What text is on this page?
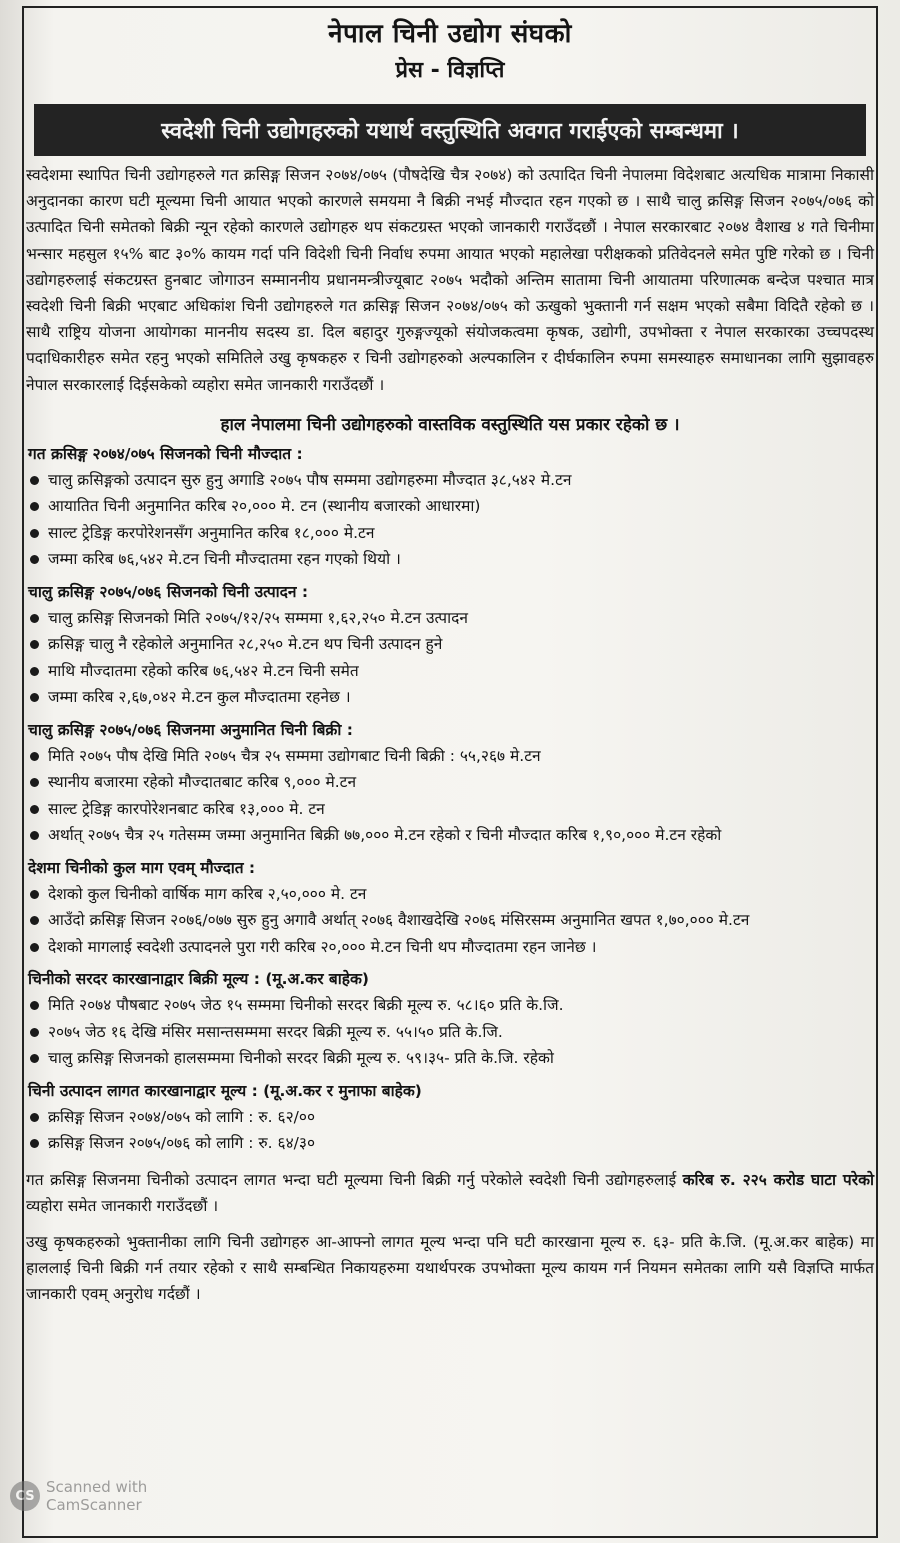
नेपाल चिनी उद्योग संघको
प्रेस - विज्ञप्ति
स्वदेशी चिनी उद्योगहरुको यथार्थ वस्तुस्थिति अवगत गराईएको सम्बन्धमा ।

स्वदेशमा स्थापित चिनी उद्योगहरुले गत क्रसिङ्ग सिजन २०७४/०७५ (पौषदेखि चैत्र २०७४) को उत्पादित चिनी नेपालमा विदेशबाट अत्यधिक मात्रामा निकासी अनुदानका कारण घटी मूल्यमा चिनी आयात भएको कारणले समयमा नै बिक्री नभई मौज्दात रहन गएको छ । साथै चालु क्रसिङ्ग सिजन २०७५/०७६ को उत्पादित चिनी समेतको बिक्री न्यून रहेको कारणले उद्योगहरु थप संकटग्रस्त भएको जानकारी गराउँदछौं । नेपाल सरकारबाट २०७४ वैशाख ४ गते चिनीमा भन्सार महसुल १५% बाट ३०% कायम गर्दा पनि विदेशी चिनी निर्वाध रुपमा आयात भएको महालेखा परीक्षकको प्रतिवेदनले समेत पुष्टि गरेको छ । चिनी उद्योगहरुलाई संकटग्रस्त हुनबाट जोगाउन सम्माननीय प्रधानमन्त्रीज्यूबाट २०७५ भदौको अन्तिम सातामा चिनी आयातमा परिणात्मक बन्देज पश्चात मात्र स्वदेशी चिनी बिक्री भएबाट अधिकांश चिनी उद्योगहरुले गत क्रसिङ्ग सिजन २०७४/०७५ को ऊखुको भुक्तानी गर्न सक्षम भएको सबैमा विदितै रहेको छ । साथै राष्ट्रिय योजना आयोगका माननीय सदस्य डा. दिल बहादुर गुरुङ्गज्यूको संयोजकत्वमा कृषक, उद्योगी, उपभोक्ता र नेपाल सरकारका उच्चपदस्थ पदाधिकारीहरु समेत रहनु भएको समितिले उखु कृषकहरु र चिनी उद्योगहरुको अल्पकालिन र दीर्घकालिन रुपमा समस्याहरु समाधानका लागि सुझावहरु नेपाल सरकारलाई दिईसकेको व्यहोरा समेत जानकारी गराउँदछौं ।

हाल नेपालमा चिनी उद्योगहरुको वास्तविक वस्तुस्थिति यस प्रकार रहेको छ ।
गत क्रसिङ्ग २०७४/०७५ सिजनको चिनी मौज्दात :
चालु क्रसिङ्गको उत्पादन सुरु हुनु अगाडि २०७५ पौष सम्ममा उद्योगहरुमा मौज्दात ३८,५४२ मे.टन
आयातित चिनी अनुमानित करिब २०,००० मे. टन (स्थानीय बजारको आधारमा)
साल्ट ट्रेडिङ्ग करपोरेशनसँग अनुमानित करिब १८,००० मे.टन
जम्मा करिब ७६,५४२ मे.टन चिनी मौज्दातमा रहन गएको थियो ।
चालु क्रसिङ्ग २०७५/०७६ सिजनको चिनी उत्पादन :
चालु क्रसिङ्ग सिजनको मिति २०७५/१२/२५ सम्ममा १,६२,२५० मे.टन उत्पादन
क्रसिङ्ग चालु नै रहेकोले अनुमानित २८,२५० मे.टन थप चिनी उत्पादन हुने
माथि मौज्दातमा रहेको करिब ७६,५४२ मे.टन चिनी समेत
जम्मा करिब २,६७,०४२ मे.टन कुल मौज्दातमा रहनेछ ।
चालु क्रसिङ्ग २०७५/०७६ सिजनमा अनुमानित चिनी बिक्री :
मिति २०७५ पौष देखि मिति २०७५ चैत्र २५ सम्ममा उद्योगबाट चिनी बिक्री : ५५,२६७ मे.टन
स्थानीय बजारमा रहेको मौज्दातबाट करिब ९,००० मे.टन
साल्ट ट्रेडिङ्ग कारपोरेशनबाट करिब १३,००० मे. टन
अर्थात् २०७५ चैत्र २५ गतेसम्म जम्मा अनुमानित बिक्री ७७,००० मे.टन रहेको र चिनी मौज्दात करिब १,९०,००० मे.टन रहेको
देशमा चिनीको कुल माग एवम् मौज्दात :
देशको कुल चिनीको वार्षिक माग करिब २,५०,००० मे. टन
आउँदो क्रसिङ्ग सिजन २०७६/०७७ सुरु हुनु अगावै अर्थात् २०७६ वैशाखदेखि २०७६ मंसिरसम्म अनुमानित खपत १,७०,००० मे.टन
देशको मागलाई स्वदेशी उत्पादनले पुरा गरी करिब २०,००० मे.टन चिनी थप मौज्दातमा रहन जानेछ ।
चिनीको सरदर कारखानाद्वार बिक्री मूल्य : (मू.अ.कर बाहेक)
मिति २०७४ पौषबाट २०७५ जेठ १५ सम्ममा चिनीको सरदर बिक्री मूल्य रु. ५८।६० प्रति के.जि.
२०७५ जेठ १६ देखि मंसिर मसान्तसम्ममा सरदर बिक्री मूल्य रु. ५५।५० प्रति के.जि.
चालु क्रसिङ्ग सिजनको हालसम्ममा चिनीको सरदर बिक्री मूल्य रु. ५९।३५- प्रति के.जि. रहेको
चिनी उत्पादन लागत कारखानाद्वार मूल्य : (मू.अ.कर र मुनाफा बाहेक)
क्रसिङ्ग सिजन २०७४/०७५ को लागि : रु. ६२/००
क्रसिङ्ग सिजन २०७५/०७६ को लागि : रु. ६४/३०

गत क्रसिङ्ग सिजनमा चिनीको उत्पादन लागत भन्दा घटी मूल्यमा चिनी बिक्री गर्नु परेकोले स्वदेशी चिनी उद्योगहरुलाई करिब रु. २२५ करोड घाटा परेको व्यहोरा समेत जानकारी गराउँदछौं ।

उखु कृषकहरुको भुक्तानीका लागि चिनी उद्योगहरु आ-आफ्नो लागत मूल्य भन्दा पनि घटी कारखाना मूल्य रु. ६३- प्रति के.जि. (मू.अ.कर बाहेक) मा हाललाई चिनी बिक्री गर्न तयार रहेको र साथै सम्बन्धित निकायहरुमा यथार्थपरक उपभोक्ता मूल्य कायम गर्न नियमन समेतका लागि यसै विज्ञप्ति मार्फत जानकारी एवम् अनुरोध गर्दछौं ।

CS Scanned with
CamScanner
